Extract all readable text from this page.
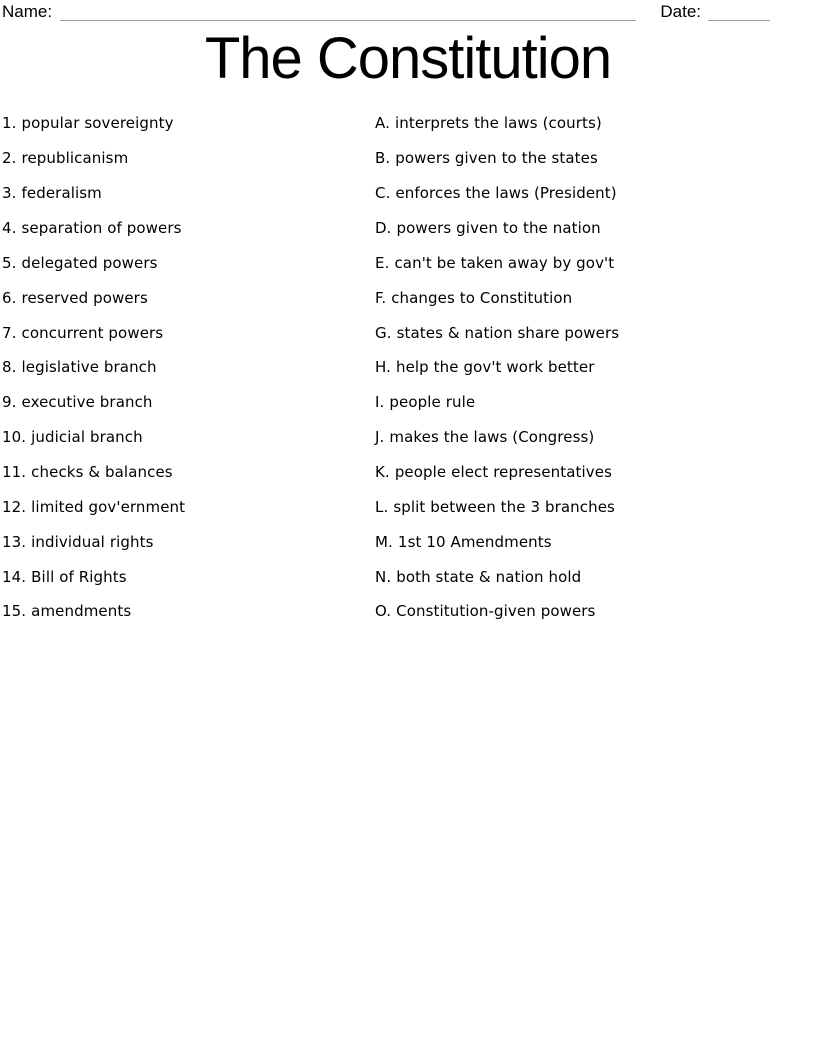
Name:	Date:
The Constitution
1. popular sovereignty
2. republicanism
3. federalism
4. separation of powers
5. delegated powers
6. reserved powers
7. concurrent powers
8. legislative branch
9. executive branch
10. judicial branch
11. checks & balances
12. limited gov'ernment
13. individual rights
14. Bill of Rights
15. amendments
A. interprets the laws (courts)
B. powers given to the states
C. enforces the laws (President)
D. powers given to the nation
E. can't be taken away by gov't
F. changes to Constitution
G. states & nation share powers
H. help the gov't work better
I. people rule
J. makes the laws (Congress)
K. people elect representatives
L. split between the 3 branches
M. 1st 10 Amendments
N. both state & nation hold
O. Constitution-given powers
